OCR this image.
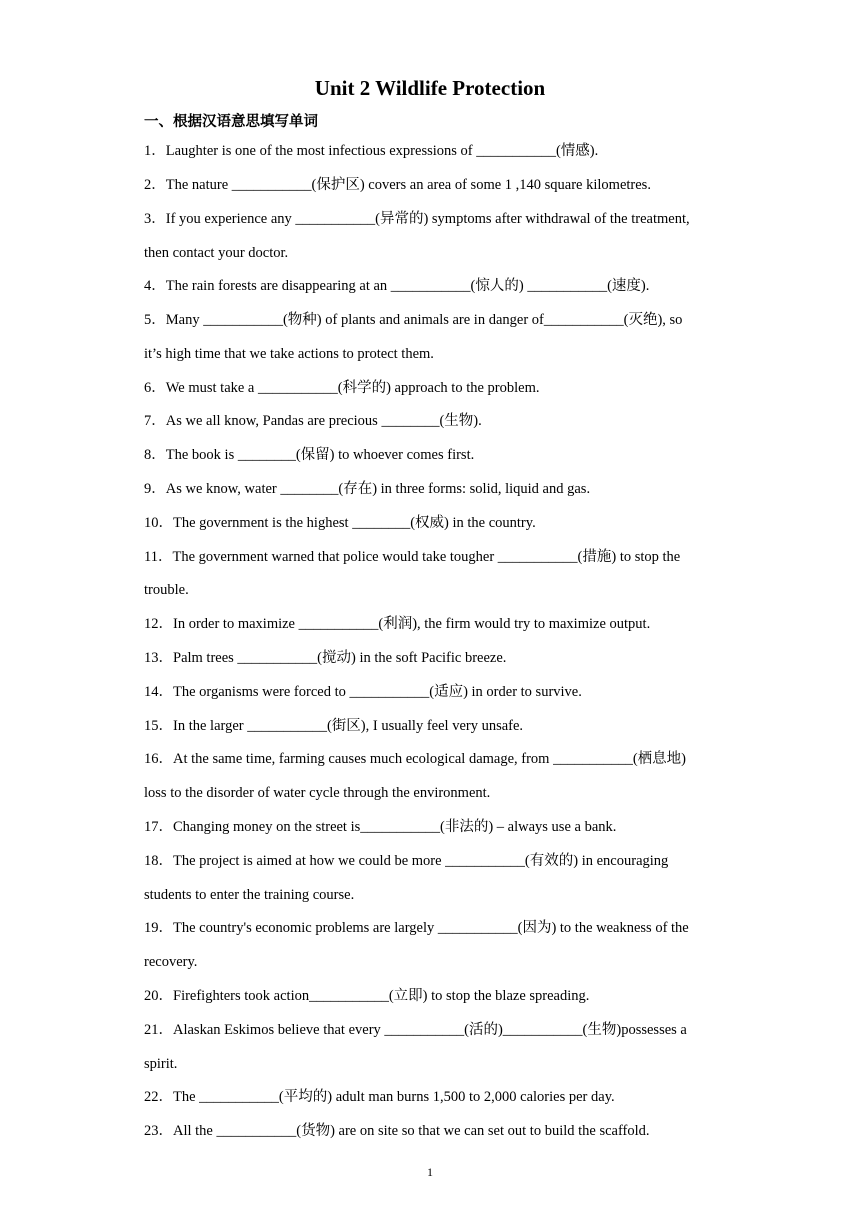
Unit 2 Wildlife Protection
一、根据汉语意思填写单词
1．Laughter is one of the most infectious expressions of ___________(情感).
2．The nature ___________(保护区) covers an area of some 1 ,140 square kilometres.
3．If you experience any ___________(异常的) symptoms after withdrawal of the treatment,
then contact your doctor.
4．The rain forests are disappearing at an ___________(惊人的) ___________(速度).
5．Many ___________(物种) of plants and animals are in danger of___________(灭绝), so
it’s high time that we take actions to protect them.
6．We must take a ___________(科学的) approach to the problem.
7．As we all know, Pandas are precious ________(生物).
8．The book is ________(保留) to whoever comes first.
9．As we know, water ________(存在) in three forms: solid, liquid and gas.
10．The government is the highest ________(权威) in the country.
11．The government warned that police would take tougher ___________(措施) to stop the
trouble.
12．In order to maximize ___________(利润), the firm would try to maximize output.
13．Palm trees ___________(搅动) in the soft Pacific breeze.
14．The organisms were forced to ___________(适应) in order to survive.
15．In the larger ___________(街区), I usually feel very unsafe.
16．At the same time, farming causes much ecological damage, from ___________(栖息地)
loss to the disorder of water cycle through the environment.
17．Changing money on the street is___________(非法的) – always use a bank.
18．The project is aimed at how we could be more ___________(有效的) in encouraging
students to enter the training course.
19．The country's economic problems are largely ___________(因为) to the weakness of the
recovery.
20．Firefighters took action___________(立即) to stop the blaze spreading.
21．Alaskan Eskimos believe that every ___________(活的)___________(生物)possesses a
spirit.
22．The ___________(平均的) adult man burns 1,500 to 2,000 calories per day.
23．All the ___________(货物) are on site so that we can set out to build the scaffold.
1
